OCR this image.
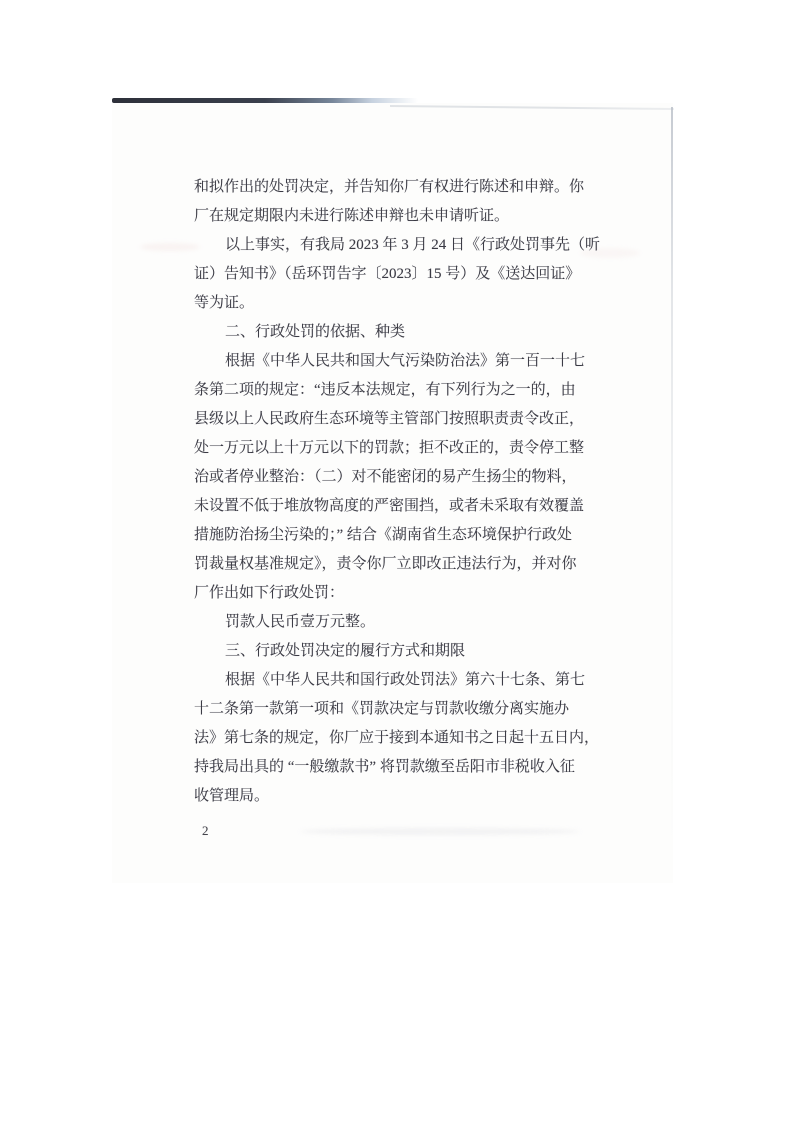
和拟作出的处罚决定，并告知你厂有权进行陈述和申辩。你
厂在规定期限内未进行陈述申辩也未申请听证。
以上事实，有我局 2023 年 3 月 24 日《行政处罚事先（听
证）告知书》（岳环罚告字〔2023〕15 号）及《送达回证》
等为证。
二、行政处罚的依据、种类
根据《中华人民共和国大气污染防治法》第一百一十七
条第二项的规定：“违反本法规定，有下列行为之一的，由
县级以上人民政府生态环境等主管部门按照职责责令改正，
处一万元以上十万元以下的罚款；拒不改正的，责令停工整
治或者停业整治：（二）对不能密闭的易产生扬尘的物料，
未设置不低于堆放物高度的严密围挡，或者未采取有效覆盖
措施防治扬尘污染的；” 结合《湖南省生态环境保护行政处
罚裁量权基准规定》，责令你厂立即改正违法行为，并对你
厂作出如下行政处罚：
罚款人民币壹万元整。
三、行政处罚决定的履行方式和期限
根据《中华人民共和国行政处罚法》第六十七条、第七
十二条第一款第一项和《罚款决定与罚款收缴分离实施办
法》第七条的规定，你厂应于接到本通知书之日起十五日内，
持我局出具的 “一般缴款书” 将罚款缴至岳阳市非税收入征
收管理局。
2
